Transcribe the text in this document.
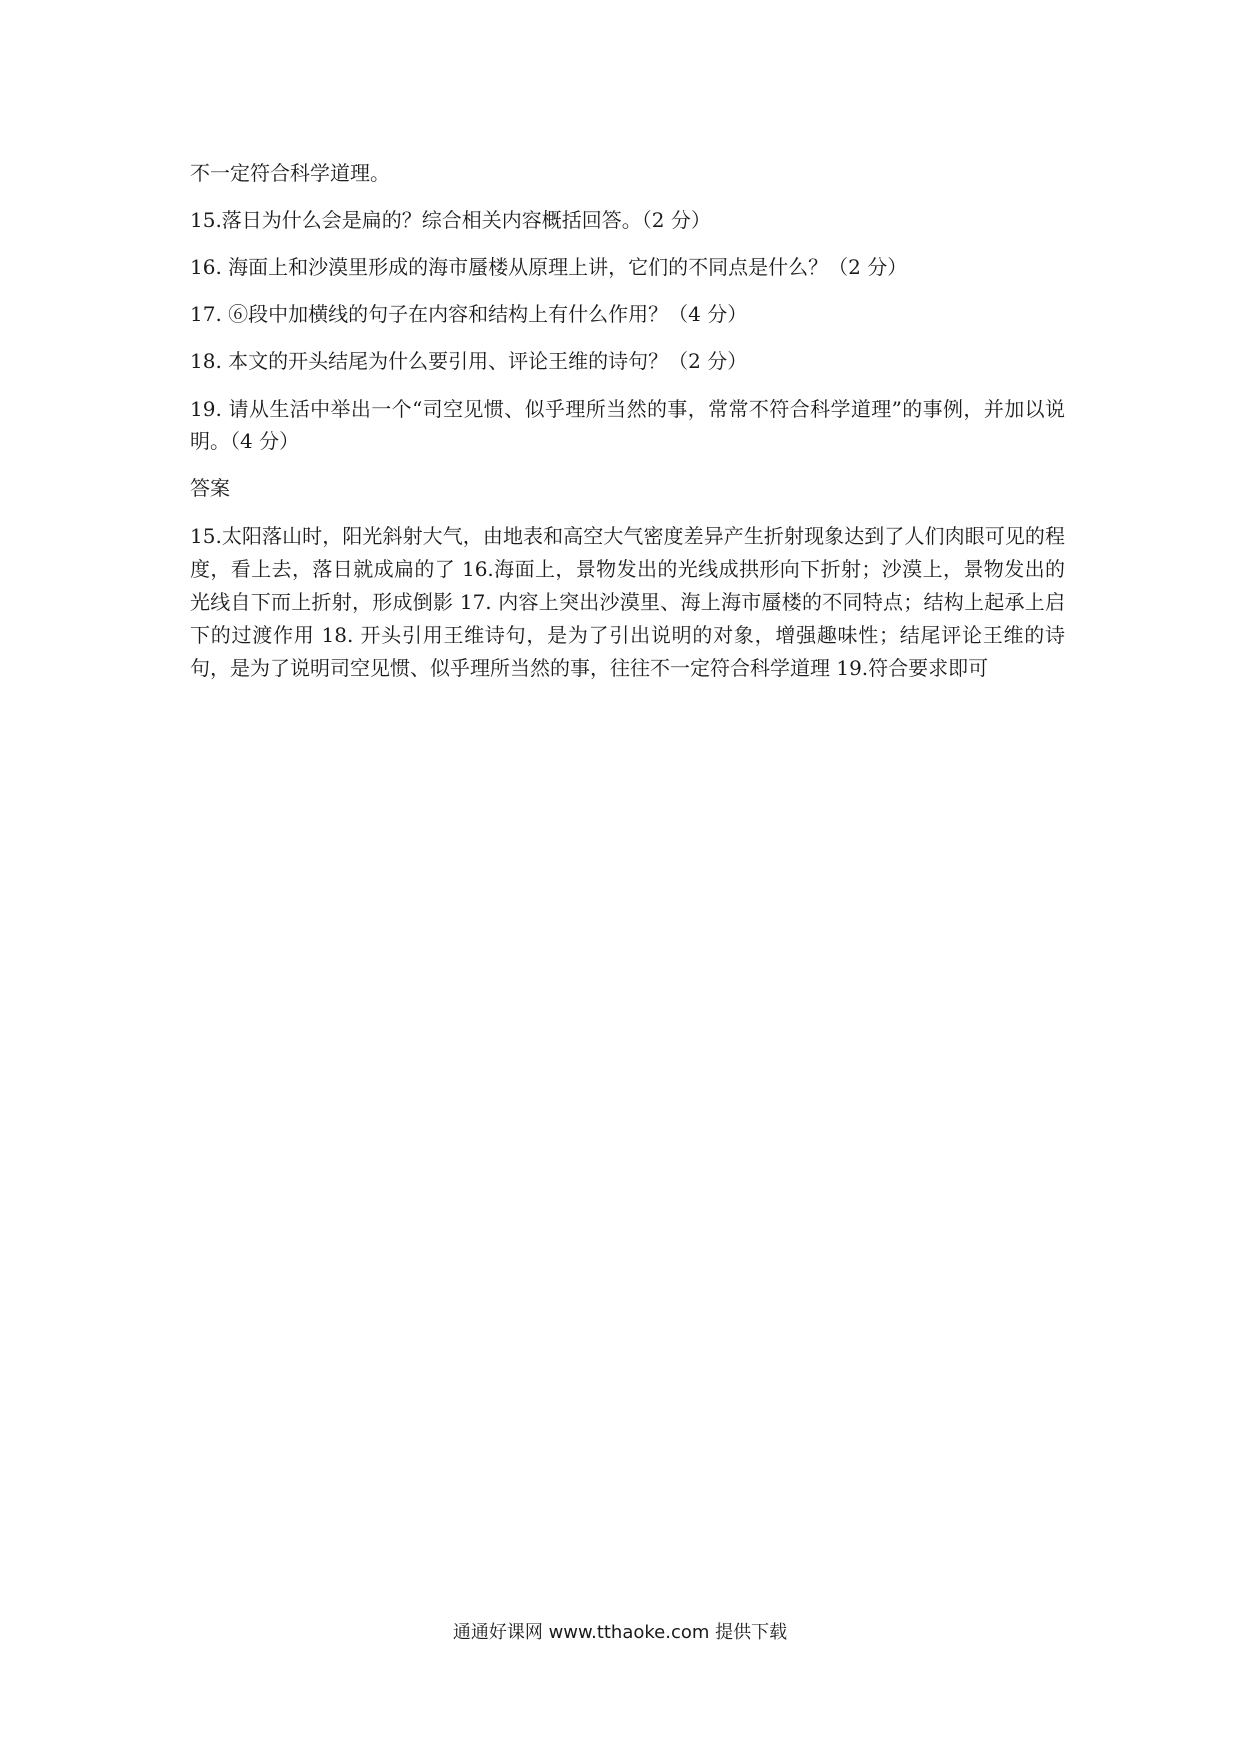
不一定符合科学道理。

15.落日为什么会是扁的？综合相关内容概括回答。（2 分）

16. 海面上和沙漠里形成的海市蜃楼从原理上讲，它们的不同点是什么？（2 分）

17. ⑥段中加横线的句子在内容和结构上有什么作用？（4 分）

18. 本文的开头结尾为什么要引用、评论王维的诗句？（2 分）

19. 请从生活中举出一个“司空见惯、似乎理所当然的事，常常不符合科学道理”的事例，并加以说明。（4 分）

答案

15.太阳落山时，阳光斜射大气，由地表和高空大气密度差异产生折射现象达到了人们肉眼可见的程度，看上去，落日就成扁的了 16.海面上，景物发出的光线成拱形向下折射；沙漠上，景物发出的光线自下而上折射，形成倒影 17. 内容上突出沙漠里、海上海市蜃楼的不同特点；结构上起承上启下的过渡作用 18. 开头引用王维诗句，是为了引出说明的对象，增强趣味性；结尾评论王维的诗句，是为了说明司空见惯、似乎理所当然的事，往往不一定符合科学道理 19.符合要求即可

通通好课网 www.tthaoke.com 提供下载
